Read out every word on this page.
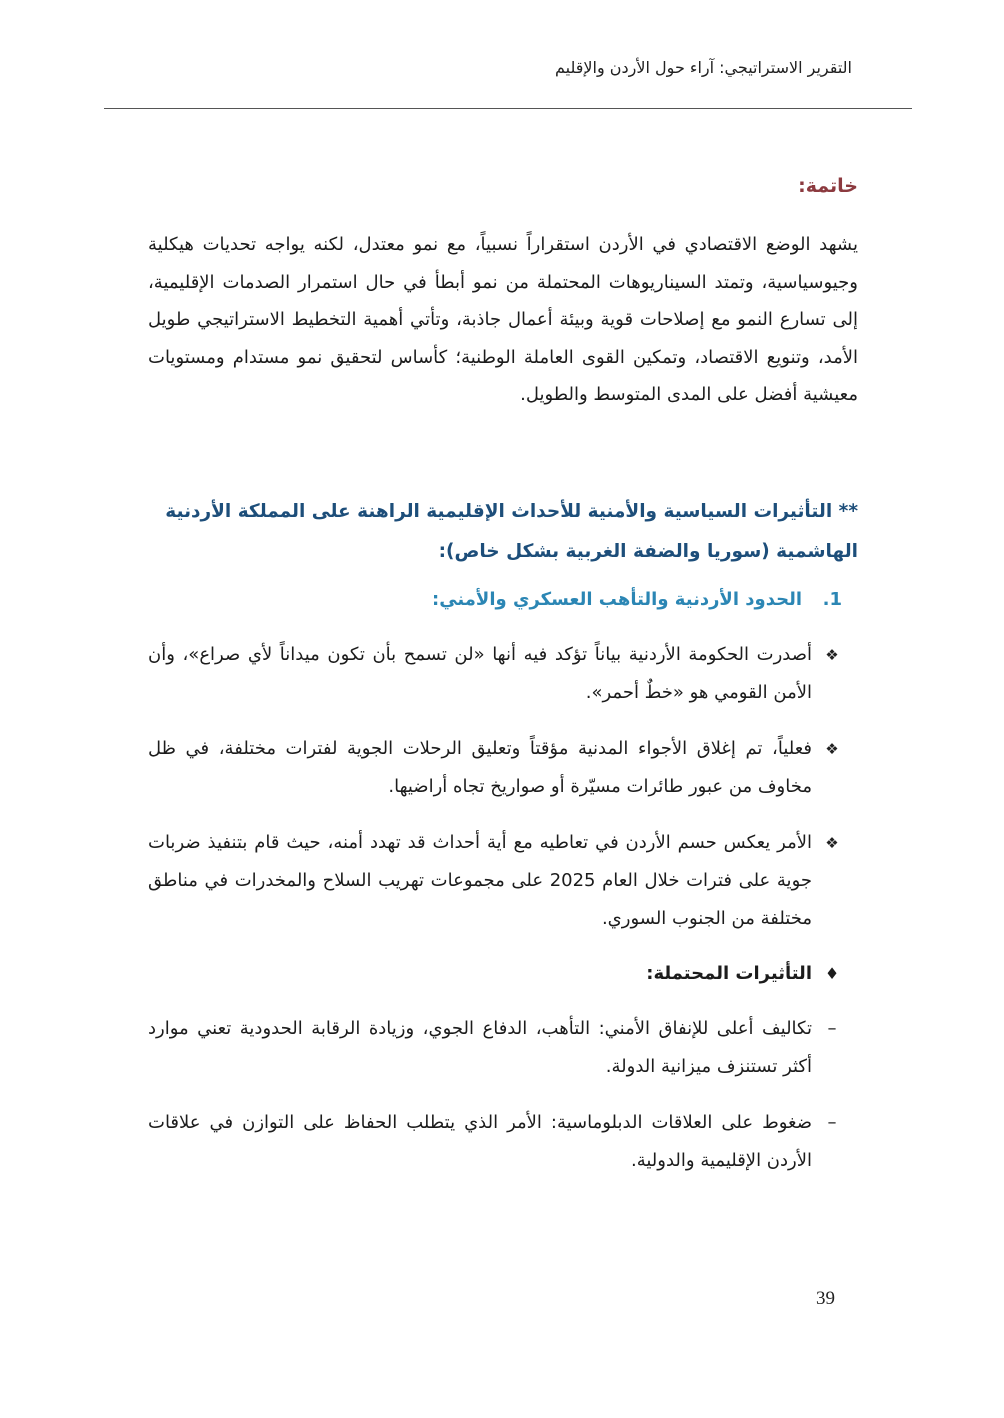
التقرير الاستراتيجي: آراء حول الأردن والإقليم
خاتمة:

يشهد الوضع الاقتصادي في الأردن استقراراً نسبياً، مع نمو معتدل، لكنه يواجه تحديات هيكلية وجيوسياسية، وتمتد السيناريوهات المحتملة من نمو أبطأ في حال استمرار الصدمات الإقليمية، إلى تسارع النمو مع إصلاحات قوية وبيئة أعمال جاذبة، وتأتي أهمية التخطيط الاستراتيجي طويل الأمد، وتنويع الاقتصاد، وتمكين القوى العاملة الوطنية؛ كأساس لتحقيق نمو مستدام ومستويات معيشية أفضل على المدى المتوسط والطويل.

** التأثيرات السياسية والأمنية للأحداث الإقليمية الراهنة على المملكة الأردنية الهاشمية (سوريا والضفة الغربية بشكل خاص):
1.
الحدود الأردنية والتأهب العسكري والأمني:
❖
أصدرت الحكومة الأردنية بياناً تؤكد فيه أنها «لن تسمح بأن تكون ميداناً لأي صراع»، وأن الأمن القومي هو «خطٌ أحمر».
❖
فعلياً، تم إغلاق الأجواء المدنية مؤقتاً وتعليق الرحلات الجوية لفترات مختلفة، في ظل مخاوف من عبور طائرات مسيّرة أو صواريخ تجاه أراضيها.
❖
الأمر يعكس حسم الأردن في تعاطيه مع أية أحداث قد تهدد أمنه، حيث قام بتنفيذ ضربات جوية على فترات خلال العام 2025 على مجموعات تهريب السلاح والمخدرات في مناطق مختلفة من الجنوب السوري.
♦
التأثيرات المحتملة:
–
تكاليف أعلى للإنفاق الأمني: التأهب، الدفاع الجوي، وزيادة الرقابة الحدودية تعني موارد أكثر تستنزف ميزانية الدولة.
–
ضغوط على العلاقات الدبلوماسية: الأمر الذي يتطلب الحفاظ على التوازن في علاقات الأردن الإقليمية والدولية.
39
